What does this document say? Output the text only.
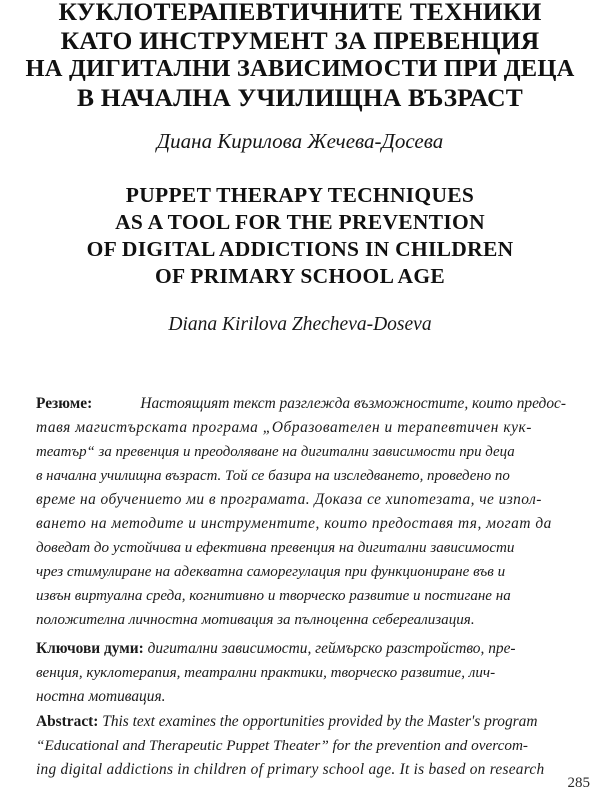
КУКЛОТЕРАПЕВТИЧНИТЕ ТЕХНИКИ
КАТО ИНСТРУМЕНТ ЗА ПРЕВЕНЦИЯ
НА ДИГИТАЛНИ ЗАВИСИМОСТИ ПРИ ДЕЦА
В НАЧАЛНА УЧИЛИЩНА ВЪЗРАСТ
Диана Кирилова Жечева-Досева
PUPPET THERAPY TECHNIQUES
AS A TOOL FOR THE PREVENTION
OF DIGITAL ADDICTIONS IN CHILDREN
OF PRIMARY SCHOOL AGE
Diana Kirilova Zhecheva-Doseva
Резюме:	Настоящият текст разглежда възможностите, които предос-
тавя магистърската програма „Образователен и терапевтичен кук-
театър“ за превенция и преодоляване на дигитални зависимости при деца
в начална училищна възраст. Той се базира на изследването, проведено по
време на обучението ми в програмата. Доказа се хипотезата, че изпол-
ването на методите и инструментите, които предоставя тя, могат да
доведат до устойчива и ефективна превенция на дигитални зависимости
чрез стимулиране на адекватна саморегулация при функциониране във и
извън виртуална среда, когнитивно и творческо развитие и постигане на
положителна личностна мотивация за пълноценна себереализация.
Ключови думи: дигитални зависимости, геймърско разстройство, пре-
венция, куклотерапия, театрални практики, творческо развитие, лич-
ностна мотивация.
Abstract: This text examines the opportunities provided by the Master's program
“Educational and Therapeutic Puppet Theater” for the prevention and overcom-
ing digital addictions in children of primary school age. It is based on research
285
